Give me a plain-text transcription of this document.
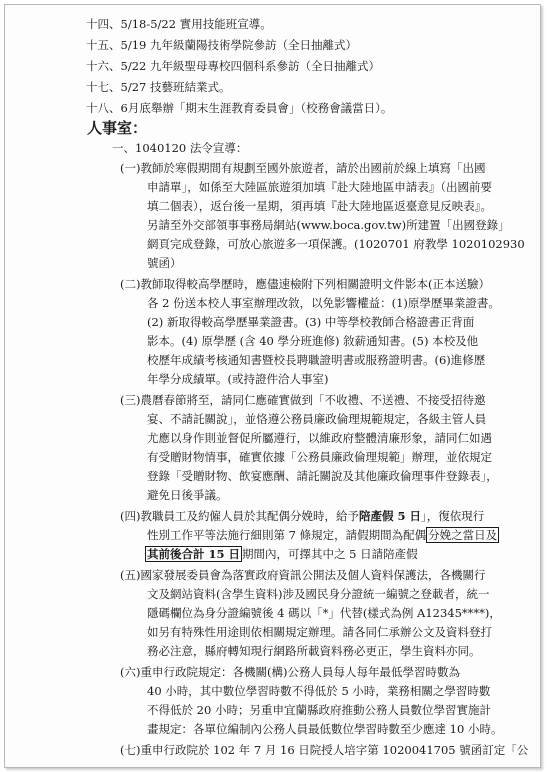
十四、5/18-5/22 實用技能班宣導。
十五、5/19 九年級蘭陽技術學院參訪（全日抽離式）
十六、5/22 九年級聖母專校四個科系參訪（全日抽離式）
十七、5/27 技藝班結業式。
十八、6月底舉辦「期末生涯教育委員會」（校務會議當日）。
人事室：
一、1040120 法令宣導：
(一)教師於寒假期間有規劃至國外旅遊者，請於出國前於線上填寫「出國
申請單」，如係至大陸區旅遊須加填『赴大陸地區申請表』（出國前要
填二個表），返台後一星期，須再填『赴大陸地區返臺意見反映表』。
另請至外交部領事事務局網站(www.boca.gov.tw)所建置「出國登錄」
網頁完成登錄，可放心旅遊多一項保護。(1020701 府教學 1020102930
號函）
(二)教師取得較高學歷時，應儘速檢附下列相關證明文件影本(正本送驗）
各 2 份送本校人事室辦理改敘，以免影響權益：(1)原學歷畢業證書。
(2) 新取得較高學歷畢業證書。(3) 中等學校教師合格證書正背面
影本。(4) 原學歷 (含 40 學分班進修) 敘薪通知書。(5) 本校及他
校歷年成績考核通知書暨校長聘職證明書或服務證明書。(6)進修歷
年學分成績單。(或持證件洽人事室)
(三)農曆春節將至，請同仁應確實做到「不收禮、不送禮、不接受招待邀
宴、不請託關說」，並恪遵公務員廉政倫理規範規定，各級主管人員
尤應以身作則並督促所屬遵行，以維政府整體清廉形象，請同仁如遇
有受贈財物情事，確實依據「公務員廉政倫理規範」辦理，並依規定
登錄「受贈財物、飲宴應酬、請託關說及其他廉政倫理事件登錄表」，
避免日後爭議。
(四)教職員工及約僱人員於其配偶分娩時，給予陪產假 5 日」，復依現行
性別工作平等法施行細則第 7 條規定，請假期間為配偶 分娩之當日及
其前後合計 15 日 期間內，可擇其中之 5 日請陪產假
(五)國家發展委員會為落實政府資訊公開法及個人資料保護法，各機關行
文及網站資料(含學生資料)涉及國民身分證統一編號之登載者，統一
隱碼欄位為身分證編號後 4 碼以「*」代替(樣式為例 A12345****)，
如另有特殊性用途則依相關規定辦理。請各同仁承辦公文及資料登打
務必注意，縣府轉知現行網路所載資料務必更正，學生資料亦同。
(六)重申行政院規定：各機關(構)公務人員每人每年最低學習時數為
40 小時，其中數位學習時數不得低於 5 小時，業務相關之學習時數
不得低於 20 小時；另重申宜蘭縣政府推動公務人員數位學習實施計
畫規定：各單位編制內公務人員最低數位學習時數至少應達 10 小時。
(七)重申行政院於 102 年 7 月 16 日院授人培字第 1020041705 號函訂定「公
